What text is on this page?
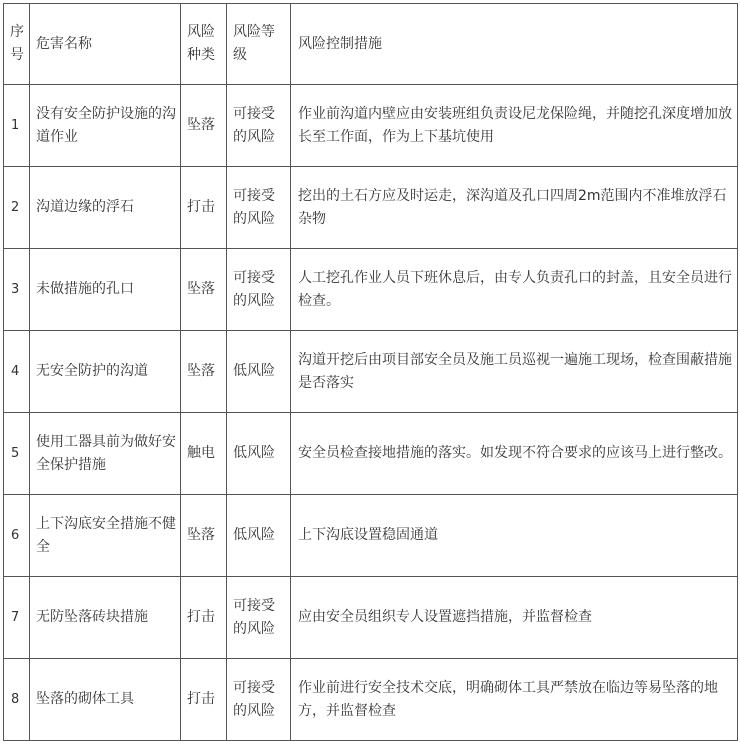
序号	危害名称	风险种类	风险等级	风险控制措施
1	没有安全防护设施的沟道作业	坠落	可接受的风险	作业前沟道内壁应由安装班组负责设尼龙保险绳，并随挖孔深度增加放长至工作面，作为上下基坑使用
2	沟道边缘的浮石	打击	可接受的风险	挖出的土石方应及时运走，深沟道及孔口四周2m范围内不准堆放浮石杂物
3	未做措施的孔口	坠落	可接受的风险	人工挖孔作业人员下班休息后，由专人负责孔口的封盖，且安全员进行检查。
4	无安全防护的沟道	坠落	低风险	沟道开挖后由项目部安全员及施工员巡视一遍施工现场，检查围蔽措施是否落实
5	使用工器具前为做好安全保护措施	触电	低风险	安全员检查接地措施的落实。如发现不符合要求的应该马上进行整改。
6	上下沟底安全措施不健全	坠落	低风险	上下沟底设置稳固通道
7	无防坠落砖块措施	打击	可接受的风险	应由安全员组织专人设置遮挡措施，并监督检查
8	坠落的砌体工具	打击	可接受的风险	作业前进行安全技术交底，明确砌体工具严禁放在临边等易坠落的地方，并监督检查
